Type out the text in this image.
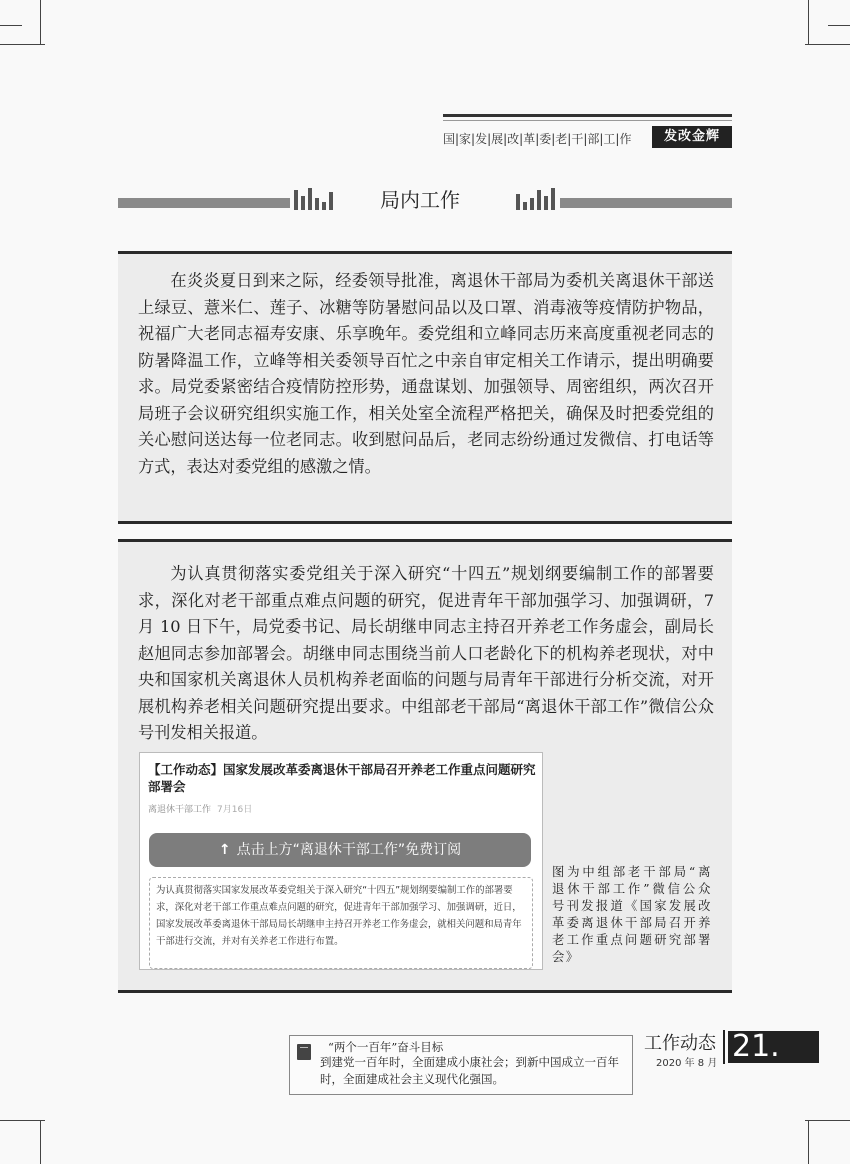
国|家|发|展|改|革|委|老|干|部|工|作	发改金辉
局内工作

在炎炎夏日到来之际，经委领导批准，离退休干部局为委机关离退休干部送上绿豆、薏米仁、莲子、冰糖等防暑慰问品以及口罩、消毒液等疫情防护物品，祝福广大老同志福寿安康、乐享晚年。委党组和立峰同志历来高度重视老同志的防暑降温工作，立峰等相关委领导百忙之中亲自审定相关工作请示，提出明确要求。局党委紧密结合疫情防控形势，通盘谋划、加强领导、周密组织，两次召开局班子会议研究组织实施工作，相关处室全流程严格把关，确保及时把委党组的关心慰问送达每一位老同志。收到慰问品后，老同志纷纷通过发微信、打电话等方式，表达对委党组的感激之情。

为认真贯彻落实委党组关于深入研究“十四五”规划纲要编制工作的部署要求，深化对老干部重点难点问题的研究，促进青年干部加强学习、加强调研，7 月 10 日下午，局党委书记、局长胡继申同志主持召开养老工作务虚会，副局长赵旭同志参加部署会。胡继申同志围绕当前人口老龄化下的机构养老现状，对中央和国家机关离退休人员机构养老面临的问题与局青年干部进行分析交流，对开展机构养老相关问题研究提出要求。中组部老干部局“离退休干部工作”微信公众号刊发相关报道。

【工作动态】国家发展改革委离退休干部局召开养老工作重点问题研究部署会
离退休干部工作 7月16日
↑ 点击上方“离退休干部工作”免费订阅
为认真贯彻落实国家发展改革委党组关于深入研究“十四五”规划纲要编制工作的部署要求，深化对老干部工作重点难点问题的研究，促进青年干部加强学习、加强调研，近日，国家发展改革委离退休干部局局长胡继申主持召开养老工作务虚会，就相关问题和局青年干部进行交流，并对有关养老工作进行布置。
图为中组部老干部局“离退休干部工作”微信公众号刊发报道《国家发展改革委离退休干部局召开养老工作重点问题研究部署会》
“两个一百年”奋斗目标
到建党一百年时，全面建成小康社会；到新中国成立一百年时，全面建成社会主义现代化强国。
工作动态
2020 年 8 月 21.
